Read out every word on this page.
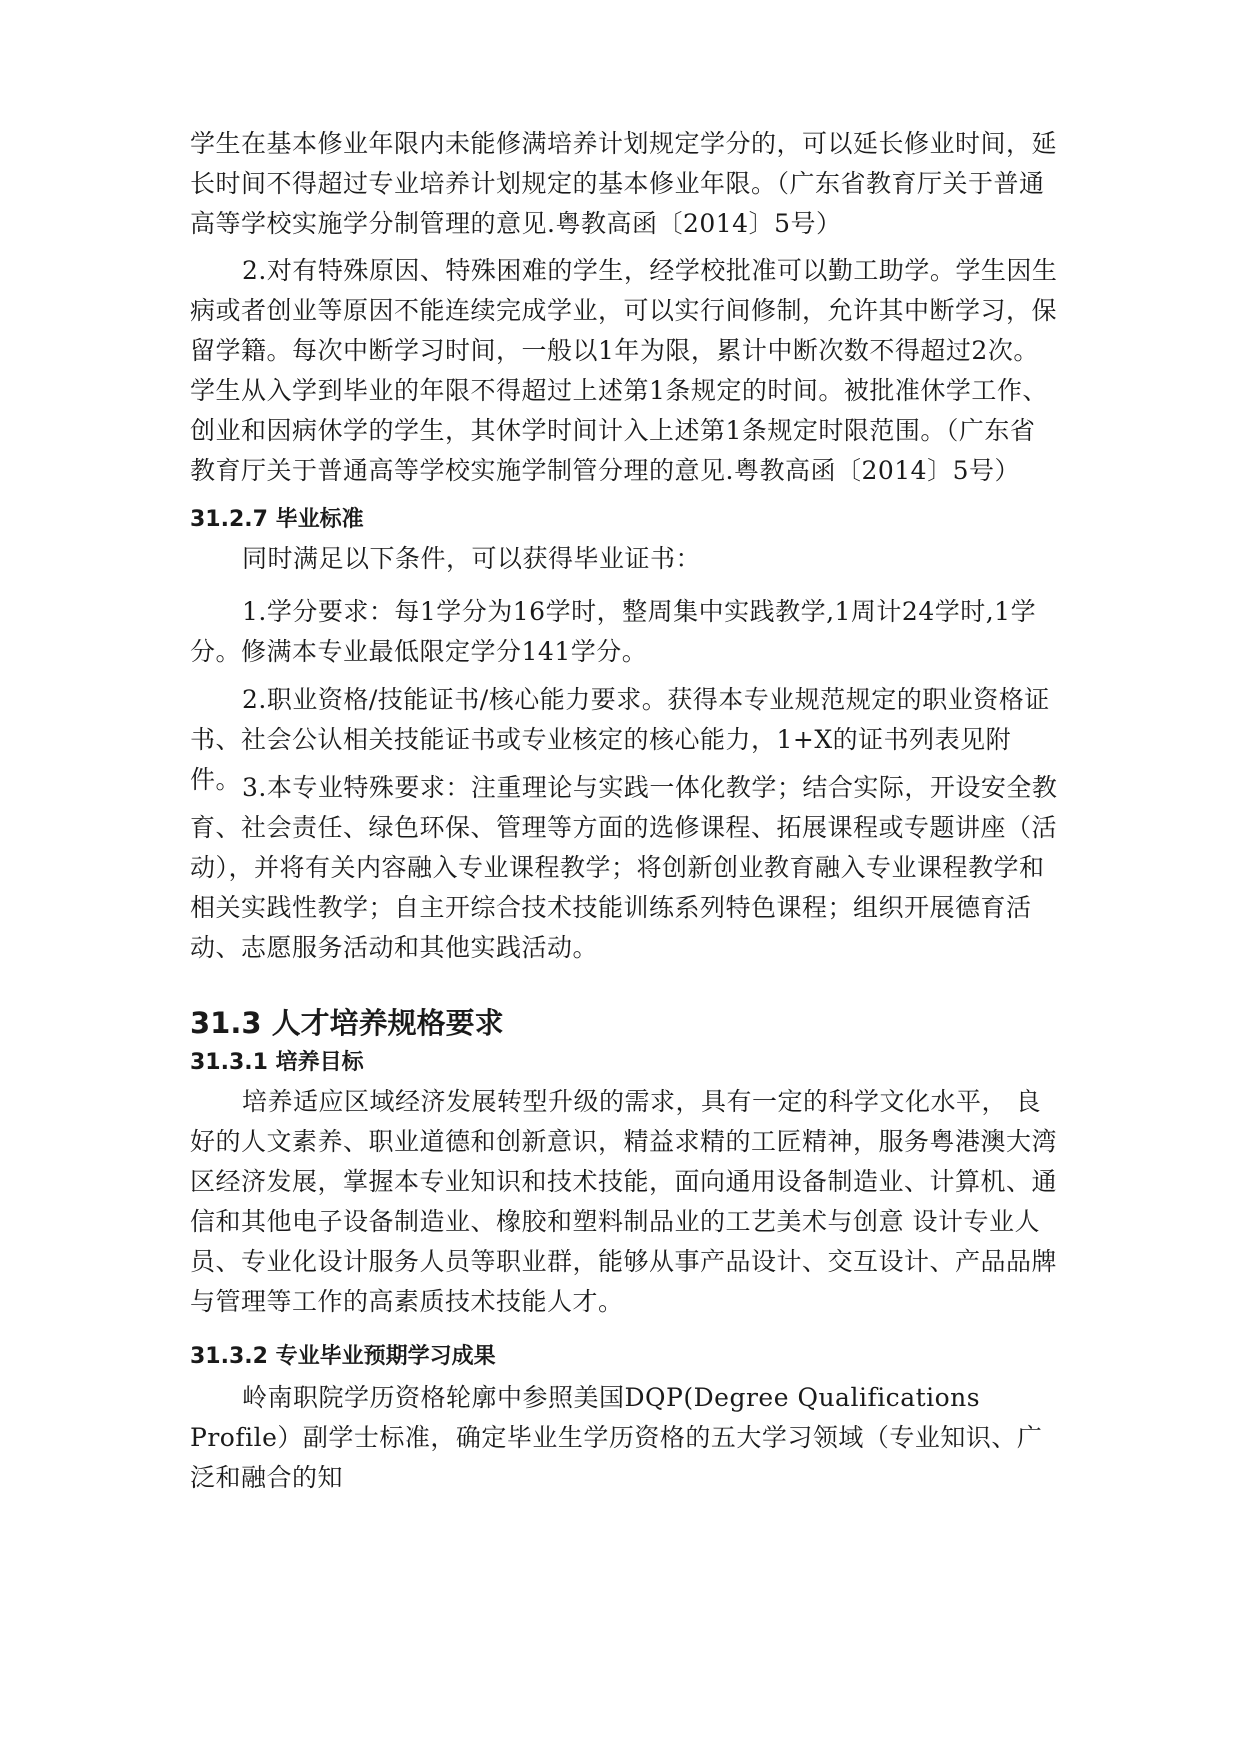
学生在基本修业年限内未能修满培养计划规定学分的，可以延长修业时间，延长时间不得超过专业培养计划规定的基本修业年限。（广东省教育厅关于普通高等学校实施学分制管理的意见.粤教高函〔2014〕5号）

2.对有特殊原因、特殊困难的学生，经学校批准可以勤工助学。学生因生病或者创业等原因不能连续完成学业，可以实行间修制，允许其中断学习，保留学籍。每次中断学习时间，一般以1年为限，累计中断次数不得超过2次。学生从入学到毕业的年限不得超过上述第1条规定的时间。被批准休学工作、创业和因病休学的学生，其休学时间计入上述第1条规定时限范围。（广东省教育厅关于普通高等学校实施学制管分理的意见.粤教高函〔2014〕5号）

31.2.7 毕业标准

同时满足以下条件，可以获得毕业证书：

1.学分要求：每1学分为16学时，整周集中实践教学,1周计24学时,1学分。修满本专业最低限定学分141学分。

2.职业资格/技能证书/核心能力要求。获得本专业规范规定的职业资格证书、社会公认相关技能证书或专业核定的核心能力，1+X的证书列表见附件。 3.本专业特殊要求：注重理论与实践一体化教学；结合实际，开设安全教育、社会责任、绿色环保、管理等方面的选修课程、拓展课程或专题讲座（活动），并将有关内容融入专业课程教学；将创新创业教育融入专业课程教学和相关实践性教学；自主开综合技术技能训练系列特色课程；组织开展德育活动、志愿服务活动和其他实践活动。

31.3 人才培养规格要求
31.3.1 培养目标

培养适应区域经济发展转型升级的需求，具有一定的科学文化水平， 良好的人文素养、职业道德和创新意识，精益求精的工匠精神，服务粤港澳大湾区经济发展，掌握本专业知识和技术技能，面向通用设备制造业、计算机、通信和其他电子设备制造业、橡胶和塑料制品业的工艺美术与创意 设计专业人员、专业化设计服务人员等职业群，能够从事产品设计、交互设计、产品品牌与管理等工作的高素质技术技能人才。

31.3.2 专业毕业预期学习成果

岭南职院学历资格轮廓中参照美国DQP(Degree Qualifications Profile）副学士标准，确定毕业生学历资格的五大学习领域（专业知识、广泛和融合的知
